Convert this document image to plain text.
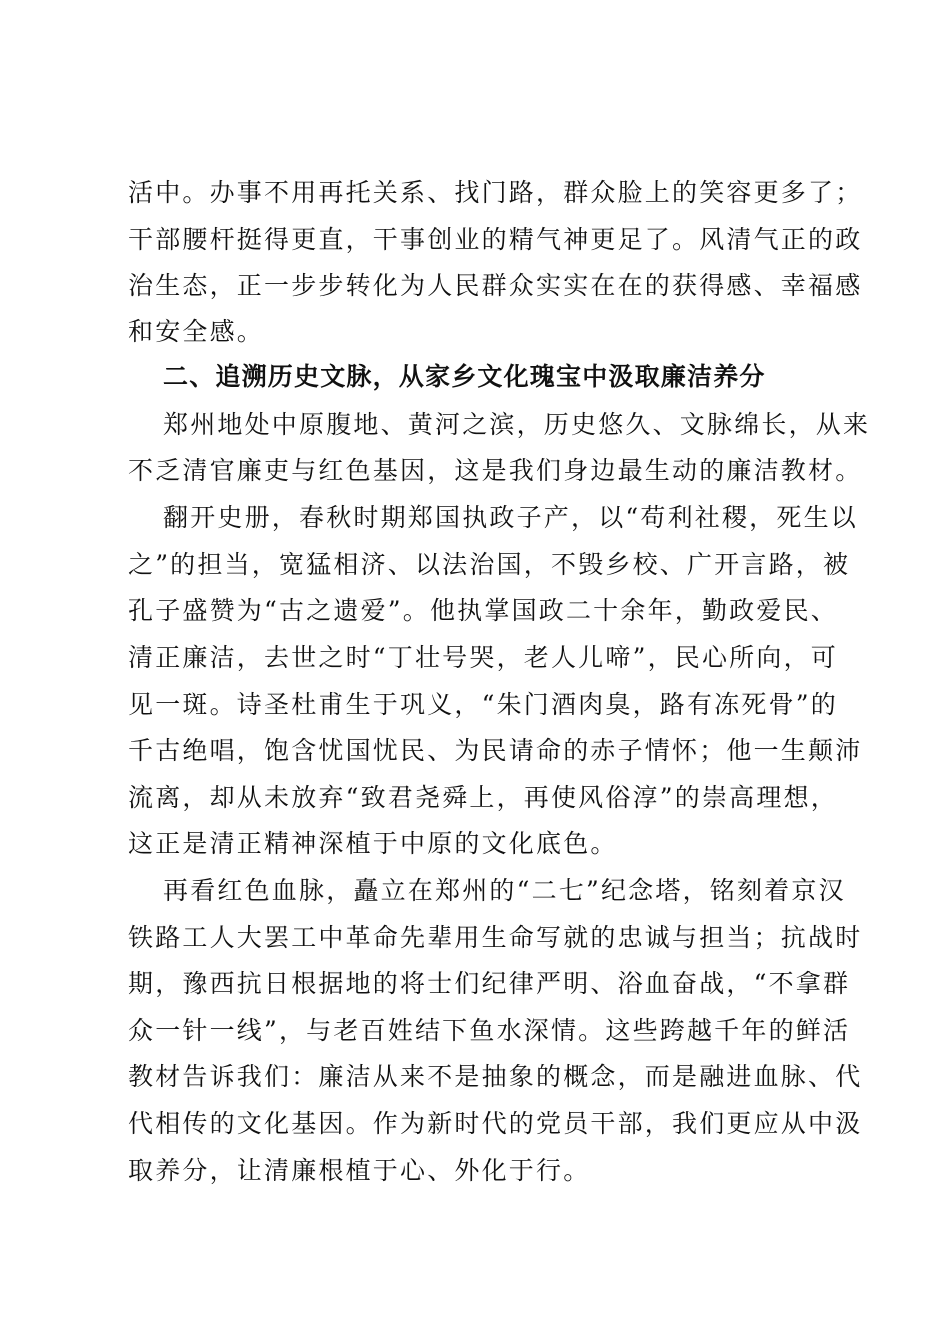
活中。办事不用再托关系、找门路，群众脸上的笑容更多了；
干部腰杆挺得更直，干事创业的精气神更足了。风清气正的政
治生态，正一步步转化为人民群众实实在在的获得感、幸福感
和安全感。
二、追溯历史文脉，从家乡文化瑰宝中汲取廉洁养分
郑州地处中原腹地、黄河之滨，历史悠久、文脉绵长，从来
不乏清官廉吏与红色基因，这是我们身边最生动的廉洁教材。
翻开史册，春秋时期郑国执政子产，以“苟利社稷，死生以
之”的担当，宽猛相济、以法治国，不毁乡校、广开言路，被
孔子盛赞为“古之遗爱”。他执掌国政二十余年，勤政爱民、
清正廉洁，去世之时“丁壮号哭，老人儿啼”，民心所向，可
见一斑。诗圣杜甫生于巩义，“朱门酒肉臭，路有冻死骨”的
千古绝唱，饱含忧国忧民、为民请命的赤子情怀；他一生颠沛
流离，却从未放弃“致君尧舜上，再使风俗淳”的崇高理想，
这正是清正精神深植于中原的文化底色。
再看红色血脉，矗立在郑州的“二七”纪念塔，铭刻着京汉
铁路工人大罢工中革命先辈用生命写就的忠诚与担当；抗战时
期，豫西抗日根据地的将士们纪律严明、浴血奋战，“不拿群
众一针一线”，与老百姓结下鱼水深情。这些跨越千年的鲜活
教材告诉我们：廉洁从来不是抽象的概念，而是融进血脉、代
代相传的文化基因。作为新时代的党员干部，我们更应从中汲
取养分，让清廉根植于心、外化于行。
